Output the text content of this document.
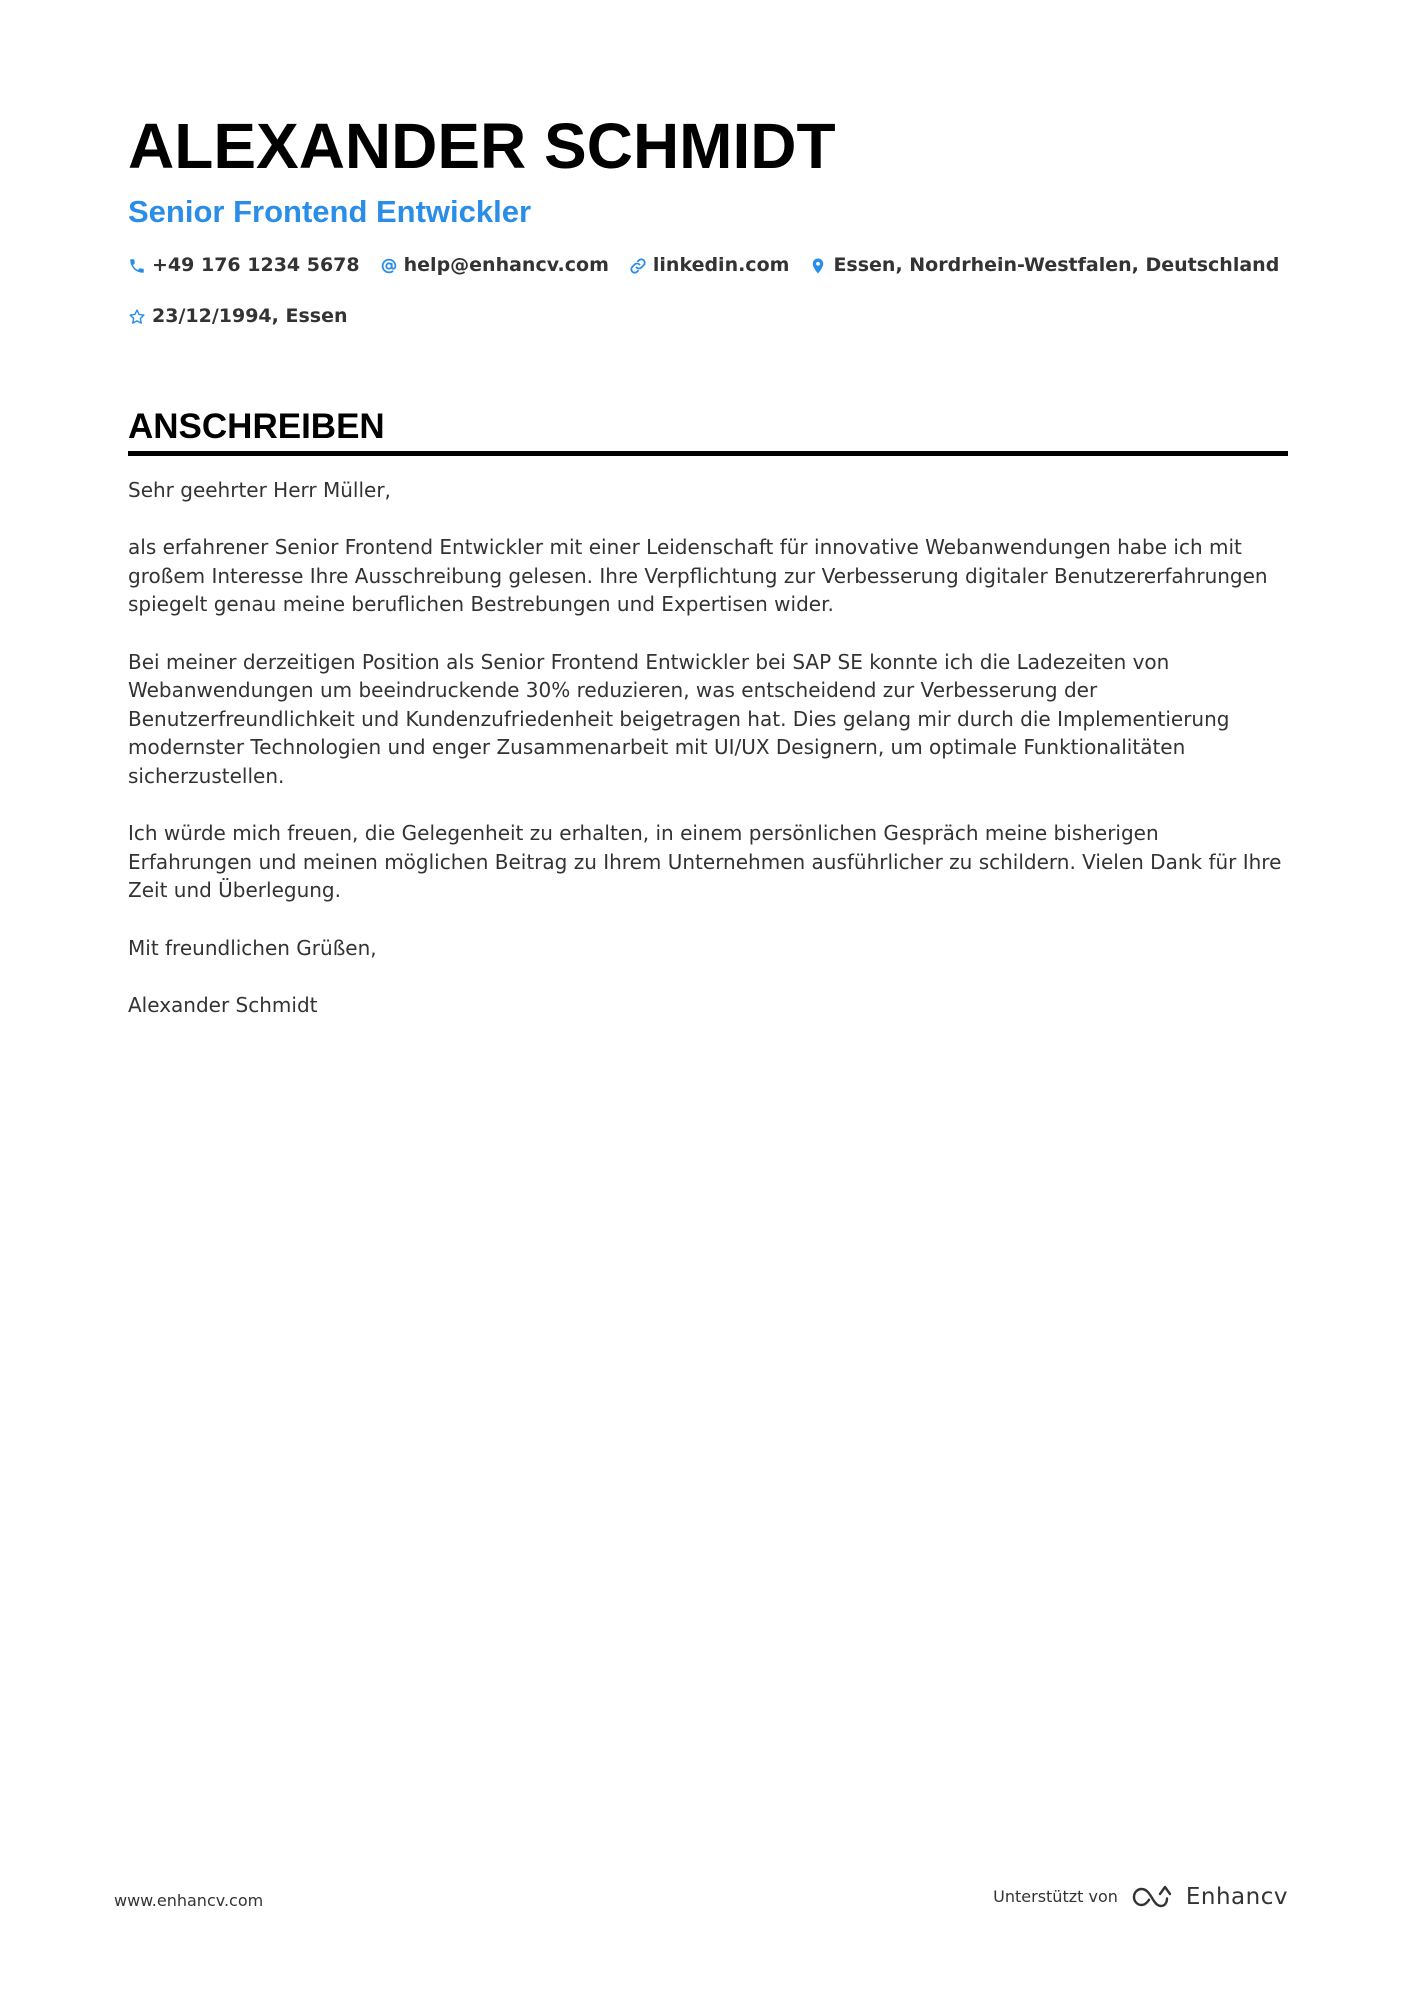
ALEXANDER SCHMIDT
Senior Frontend Entwickler
+49 176 1234 5678 help@enhancv.com linkedin.com Essen, Nordrhein-Westfalen, Deutschland
23/12/1994, Essen
ANSCHREIBEN

Sehr geehrter Herr Müller,

als erfahrener Senior Frontend Entwickler mit einer Leidenschaft für innovative Webanwendungen habe ich mit großem Interesse Ihre Ausschreibung gelesen. Ihre Verpflichtung zur Verbesserung digitaler Benutzererfahrungen spiegelt genau meine beruflichen Bestrebungen und Expertisen wider.

Bei meiner derzeitigen Position als Senior Frontend Entwickler bei SAP SE konnte ich die Ladezeiten von Webanwendungen um beeindruckende 30% reduzieren, was entscheidend zur Verbesserung der Benutzerfreundlichkeit und Kundenzufriedenheit beigetragen hat. Dies gelang mir durch die Implementierung modernster Technologien und enger Zusammenarbeit mit UI/UX Designern, um optimale Funktionalitäten sicherzustellen.

Ich würde mich freuen, die Gelegenheit zu erhalten, in einem persönlichen Gespräch meine bisherigen Erfahrungen und meinen möglichen Beitrag zu Ihrem Unternehmen ausführlicher zu schildern. Vielen Dank für Ihre Zeit und Überlegung.

Mit freundlichen Grüßen,

Alexander Schmidt

www.enhancv.com	Unterstützt von	Enhancv
